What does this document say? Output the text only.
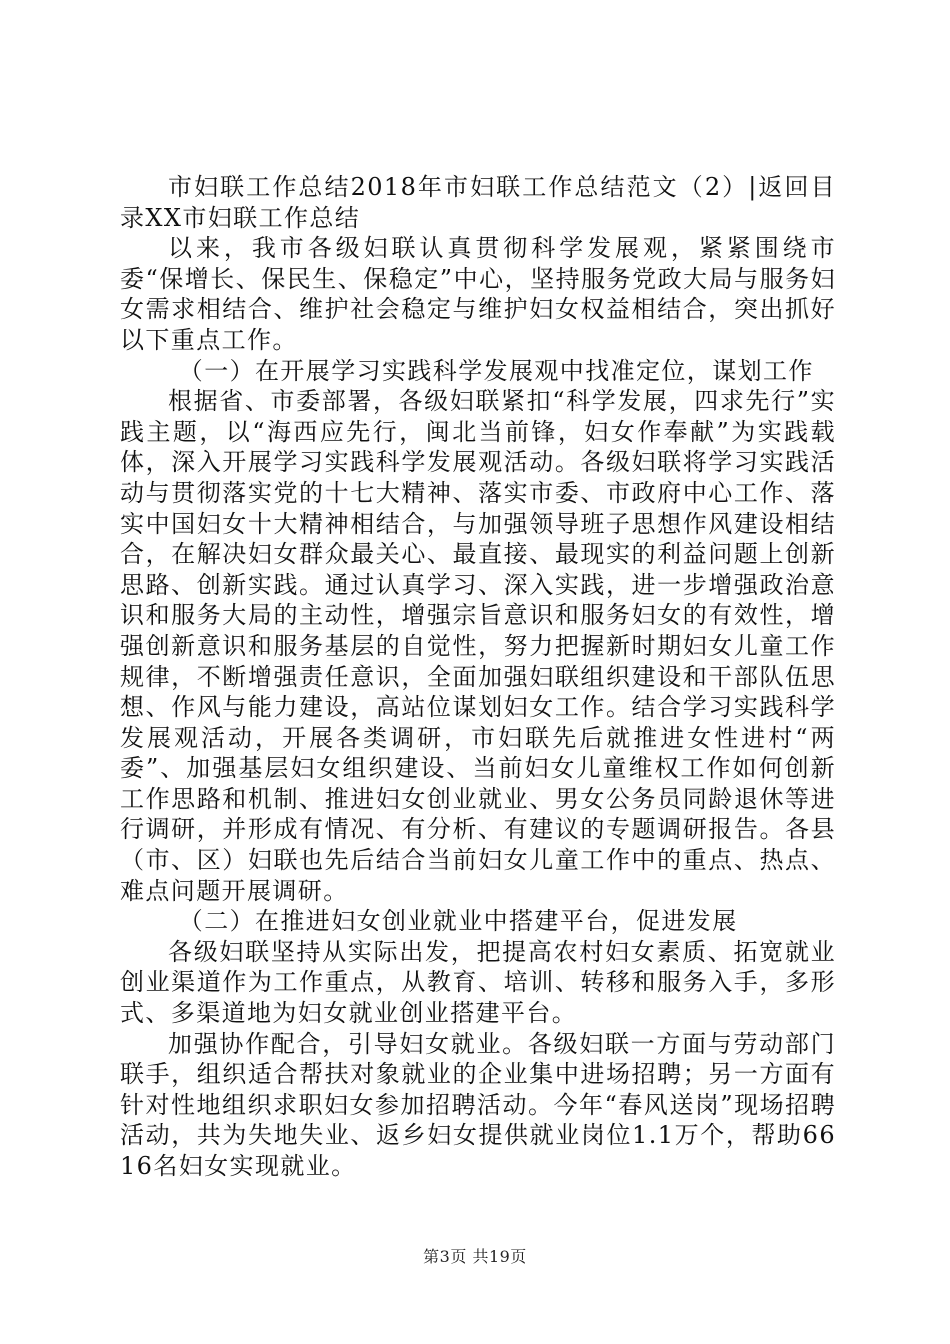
市妇联工作总结2018年市妇联工作总结范文（2）|返回目录XX市妇联工作总结

以来，我市各级妇联认真贯彻科学发展观，紧紧围绕市委“保增长、保民生、保稳定”中心，坚持服务党政大局与服务妇女需求相结合、维护社会稳定与维护妇女权益相结合，突出抓好以下重点工作。

（一）在开展学习实践科学发展观中找准定位，谋划工作

根据省、市委部署，各级妇联紧扣“科学发展，四求先行”实践主题，以“海西应先行，闽北当前锋，妇女作奉献”为实践载体，深入开展学习实践科学发展观活动。各级妇联将学习实践活动与贯彻落实党的十七大精神、落实市委、市政府中心工作、落实中国妇女十大精神相结合，与加强领导班子思想作风建设相结合，在解决妇女群众最关心、最直接、最现实的利益问题上创新思路、创新实践。通过认真学习、深入实践，进一步增强政治意识和服务大局的主动性，增强宗旨意识和服务妇女的有效性，增强创新意识和服务基层的自觉性，努力把握新时期妇女儿童工作规律，不断增强责任意识，全面加强妇联组织建设和干部队伍思想、作风与能力建设，高站位谋划妇女工作。结合学习实践科学发展观活动，开展各类调研，市妇联先后就推进女性进村“两委”、加强基层妇女组织建设、当前妇女儿童维权工作如何创新工作思路和机制、推进妇女创业就业、男女公务员同龄退休等进行调研，并形成有情况、有分析、有建议的专题调研报告。各县（市、区）妇联也先后结合当前妇女儿童工作中的重点、热点、难点问题开展调研。

（二）在推进妇女创业就业中搭建平台，促进发展

各级妇联坚持从实际出发，把提高农村妇女素质、拓宽就业创业渠道作为工作重点，从教育、培训、转移和服务入手，多形式、多渠道地为妇女就业创业搭建平台。

加强协作配合，引导妇女就业。各级妇联一方面与劳动部门联手，组织适合帮扶对象就业的企业集中进场招聘；另一方面有针对性地组织求职妇女参加招聘活动。今年“春风送岗”现场招聘活动，共为失地失业、返乡妇女提供就业岗位1.1万个，帮助6616名妇女实现就业。

第3页 共19页
